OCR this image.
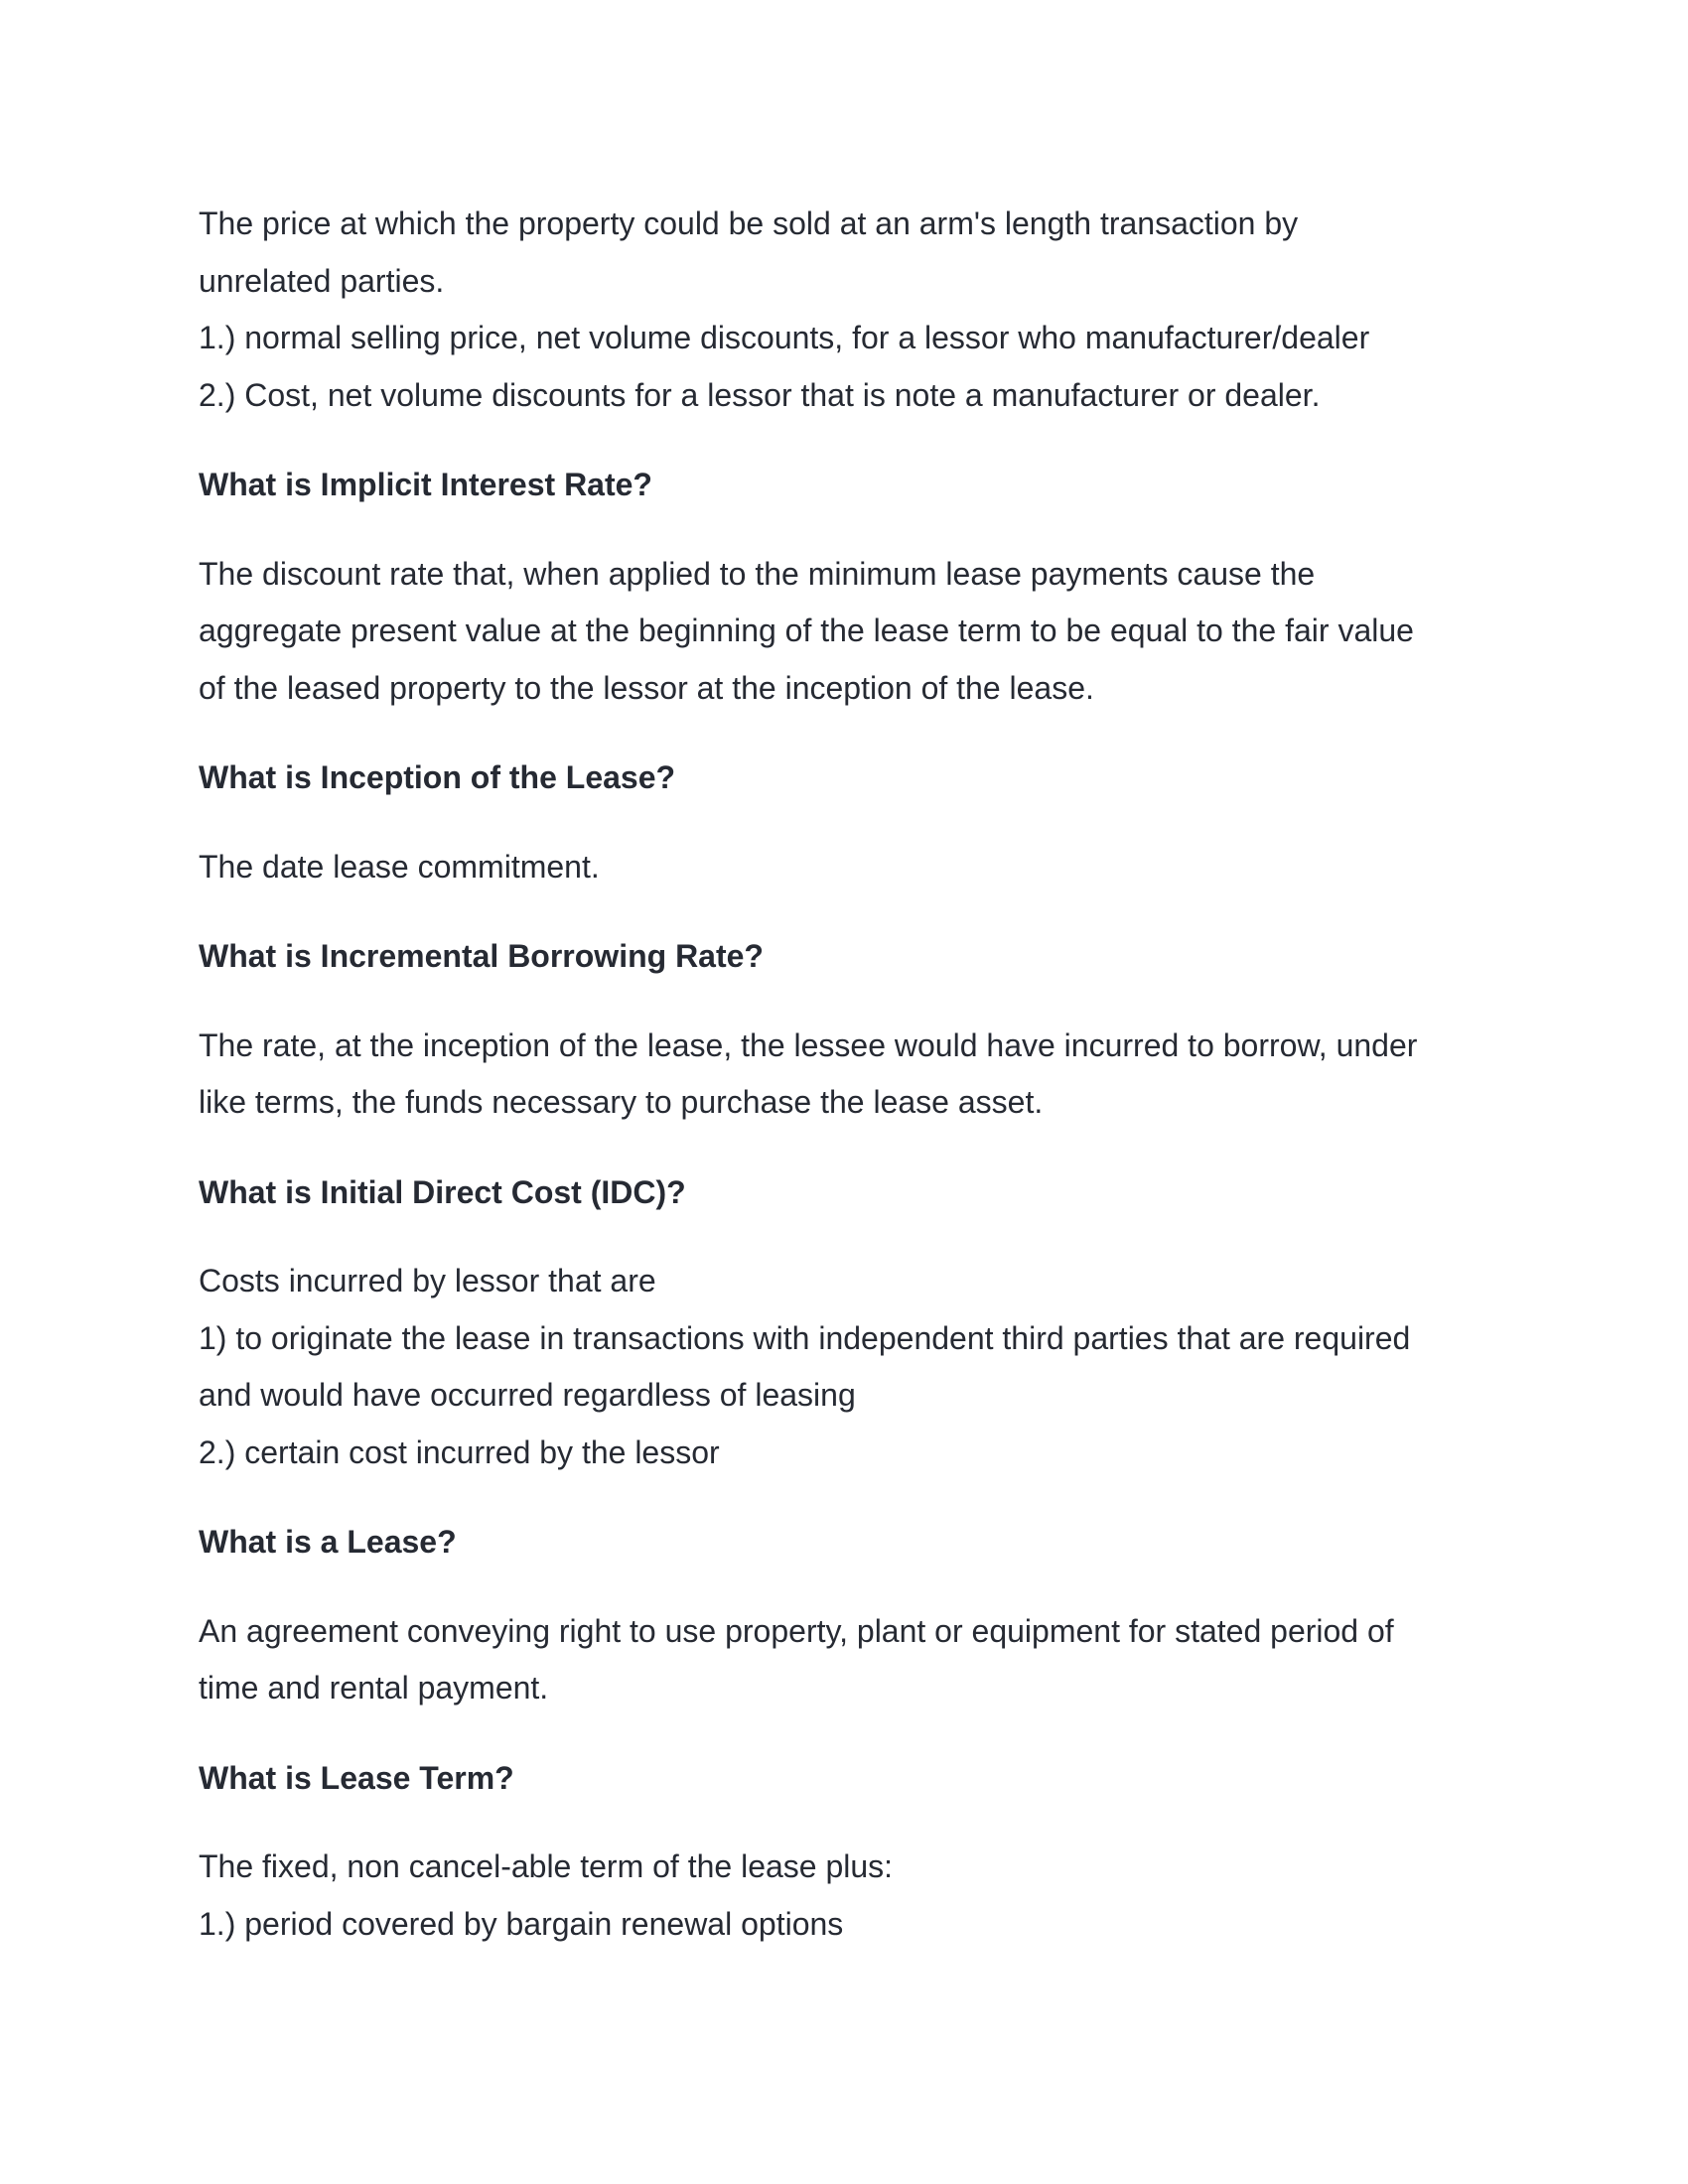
The price at which the property could be sold at an arm's length transaction by

unrelated parties.

1.) normal selling price, net volume discounts, for a lessor who manufacturer/dealer

2.) Cost, net volume discounts for a lessor that is note a manufacturer or dealer.

What is Implicit Interest Rate?

The discount rate that, when applied to the minimum lease payments cause the

aggregate present value at the beginning of the lease term to be equal to the fair value

of the leased property to the lessor at the inception of the lease.

What is Inception of the Lease?

The date lease commitment.

What is Incremental Borrowing Rate?

The rate, at the inception of the lease, the lessee would have incurred to borrow, under

like terms, the funds necessary to purchase the lease asset.

What is Initial Direct Cost (IDC)?

Costs incurred by lessor that are

1) to originate the lease in transactions with independent third parties that are required

and would have occurred regardless of leasing

2.) certain cost incurred by the lessor

What is a Lease?

An agreement conveying right to use property, plant or equipment for stated period of

time and rental payment.

What is Lease Term?

The fixed, non cancel-able term of the lease plus:

1.) period covered by bargain renewal options
